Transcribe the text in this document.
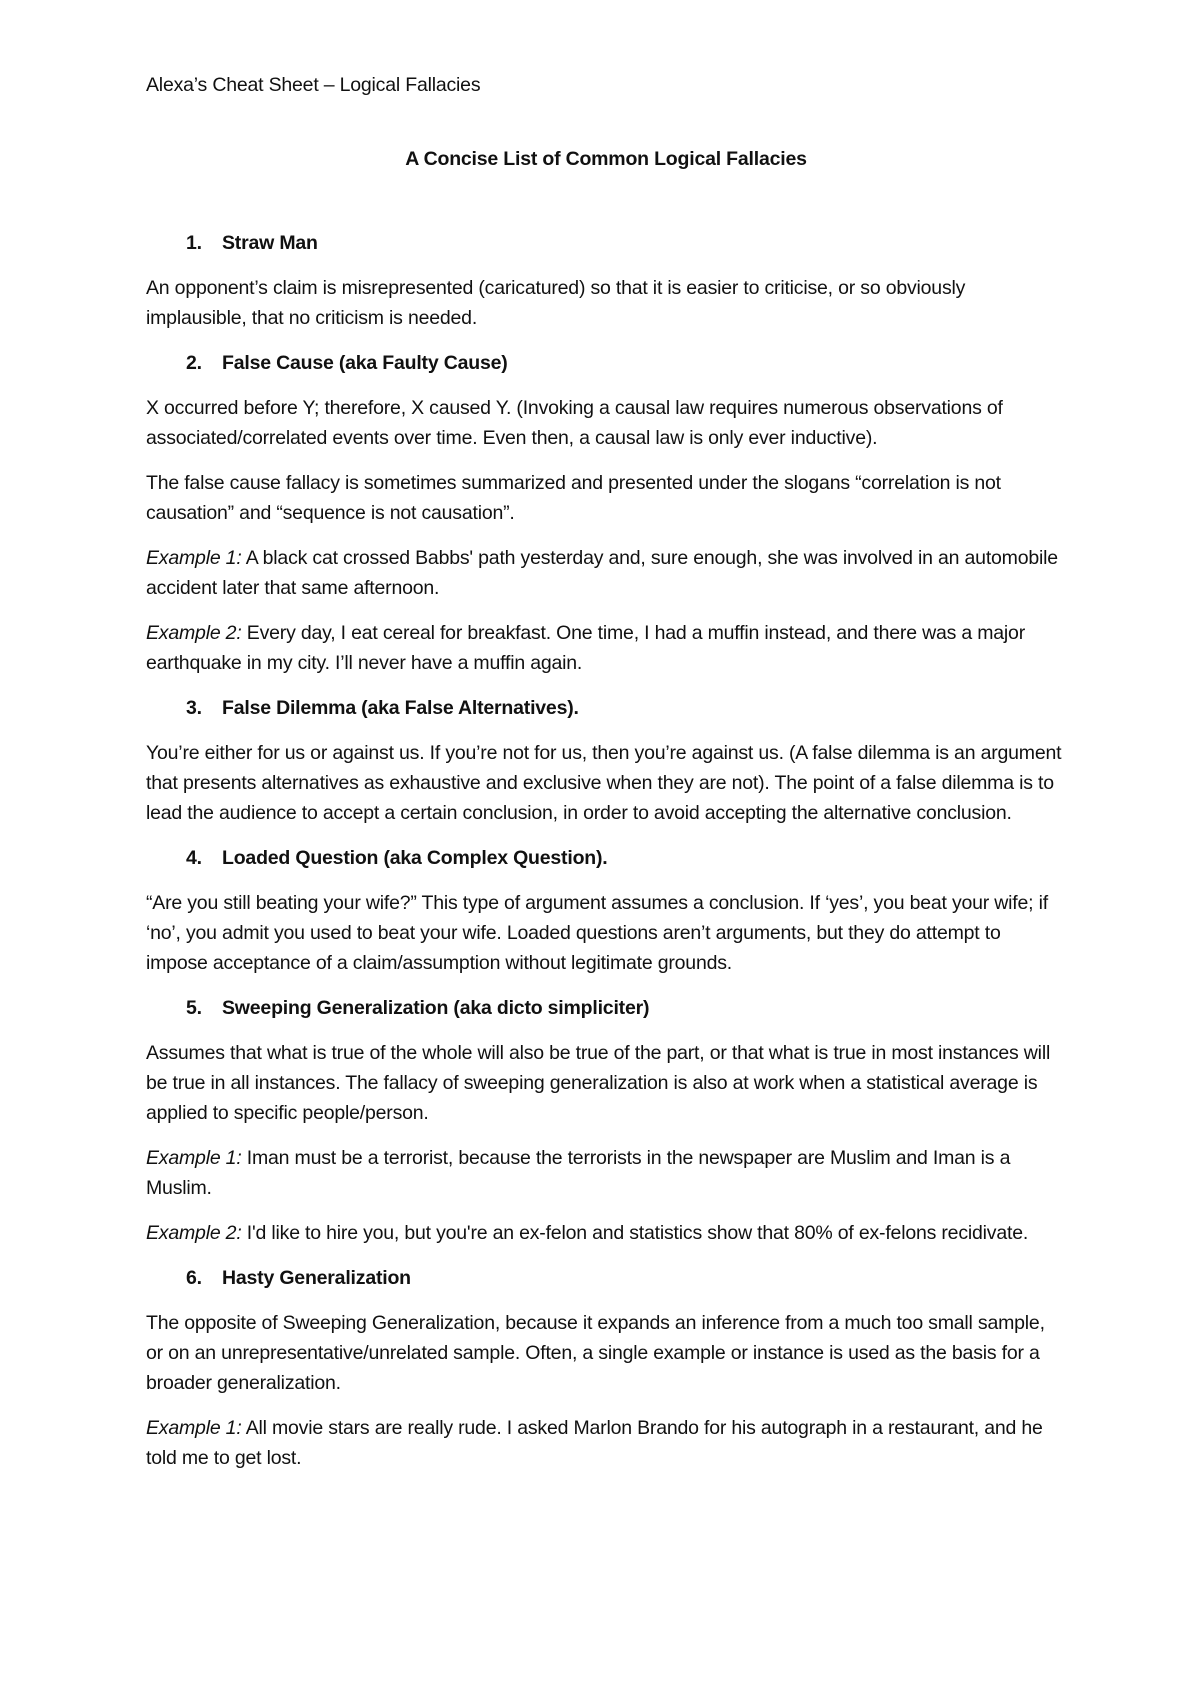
Alexa’s Cheat Sheet – Logical Fallacies
A Concise List of Common Logical Fallacies
1.	Straw Man

An opponent’s claim is misrepresented (caricatured) so that it is easier to criticise, or so obviously implausible, that no criticism is needed.

2.	False Cause (aka Faulty Cause)

X occurred before Y; therefore, X caused Y. (Invoking a causal law requires numerous observations of associated/correlated events over time. Even then, a causal law is only ever inductive).

The false cause fallacy is sometimes summarized and presented under the slogans “correlation is not causation” and “sequence is not causation”.

Example 1: A black cat crossed Babbs' path yesterday and, sure enough, she was involved in an automobile accident later that same afternoon.

Example 2: Every day, I eat cereal for breakfast. One time, I had a muffin instead, and there was a major earthquake in my city. I’ll never have a muffin again.

3.	False Dilemma (aka False Alternatives).

You’re either for us or against us. If you’re not for us, then you’re against us. (A false dilemma is an argument that presents alternatives as exhaustive and exclusive when they are not). The point of a false dilemma is to lead the audience to accept a certain conclusion, in order to avoid accepting the alternative conclusion.

4.	Loaded Question (aka Complex Question).

“Are you still beating your wife?” This type of argument assumes a conclusion. If ‘yes’, you beat your wife; if ‘no’, you admit you used to beat your wife. Loaded questions aren’t arguments, but they do attempt to impose acceptance of a claim/assumption without legitimate grounds.

5.	Sweeping Generalization (aka dicto simpliciter)

Assumes that what is true of the whole will also be true of the part, or that what is true in most instances will be true in all instances. The fallacy of sweeping generalization is also at work when a statistical average is applied to specific people/person.

Example 1: Iman must be a terrorist, because the terrorists in the newspaper are Muslim and Iman is a Muslim.

Example 2: I'd like to hire you, but you're an ex-felon and statistics show that 80% of ex-felons recidivate.

6.	Hasty Generalization

The opposite of Sweeping Generalization, because it expands an inference from a much too small sample, or on an unrepresentative/unrelated sample. Often, a single example or instance is used as the basis for a broader generalization.

Example 1: All movie stars are really rude. I asked Marlon Brando for his autograph in a restaurant, and he told me to get lost.
